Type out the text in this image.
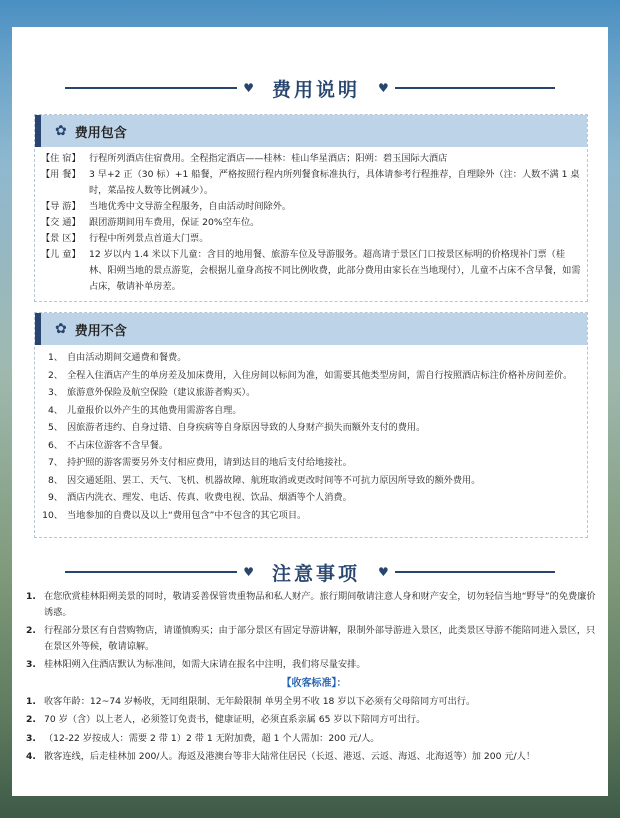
♥ 费用说明 ♥
✿ 费用包含
【住 宿】 行程所列酒店住宿费用。全程指定酒店——桂林：桂山华星酒店；阳朔：碧玉国际大酒店
【用 餐】 3 早+2 正（30 标）+1 船餐，严格按照行程内所列餐食标准执行，具体请参考行程推荐，自理除外（注：人数不满 1 桌时，菜品按人数等比例减少）。
【导 游】 当地优秀中文导游全程服务，自由活动时间除外。
【交 通】 跟团游期间用车费用，保证 20%空车位。
【景 区】 行程中所列景点首道大门票。
【儿 童】 12 岁以内 1.4 米以下儿童：含目的地用餐、旅游车位及导游服务。超高请于景区门口按景区标明的价格现补门票（桂林、阳朔当地的景点游览，会根据儿童身高按不同比例收费，此部分费用由家长在当地现付），儿童不占床不含早餐，如需占床，敬请补单房差。
✿ 费用不含
1、 自由活动期间交通费和餐费。
2、 全程入住酒店产生的单房差及加床费用，入住房间以标间为准，如需要其他类型房间，需自行按照酒店标注价格补房间差价。
3、 旅游意外保险及航空保险（建议旅游者购买）。
4、 儿童报价以外产生的其他费用需游客自理。
5、 因旅游者违约、自身过错、自身疾病等自身原因导致的人身财产损失而额外支付的费用。
6、 不占床位游客不含早餐。
7、 持护照的游客需要另外支付相应费用，请到达目的地后支付给地接社。
8、 因交通延阻、罢工、天气、飞机、机器故障、航班取消或更改时间等不可抗力原因所导致的额外费用。
9、 酒店内洗衣、理发、电话、传真、收费电视、饮品、烟酒等个人消费。
10、 当地参加的自费以及以上“费用包含”中不包含的其它项目。
♥ 注意事项 ♥
1. 在您欣赏桂林阳朔美景的同时，敬请妥善保管贵重物品和私人财产。旅行期间敬请注意人身和财产安全，切勿轻信当地“野导”的免费廉价诱惑。
2. 行程部分景区有自营购物店，请谨慎购买；由于部分景区有固定导游讲解，限制外部导游进入景区，此类景区导游不能陪同进入景区，只在景区外等候，敬请谅解。
3. 桂林阳朔入住酒店默认为标准间，如需大床请在报名中注明，我们将尽量安排。
【收客标准】：
1. 收客年龄：12~74 岁畅收，无同组限制、无年龄限制 单男全男不收 18 岁以下必须有父母陪同方可出行。
2. 70 岁（含）以上老人，必须签订免责书，健康证明，必须直系亲属 65 岁以下陪同方可出行。
3. （12-22 岁按成人：需要 2 带 1）2 带 1 无附加费，超 1 个人需加：200 元/人。
4. 散客连线，后走桂林加 200/人。海返及港澳台等非大陆常住居民（长返、港返、云返、海返、北海返等）加 200 元/人！
